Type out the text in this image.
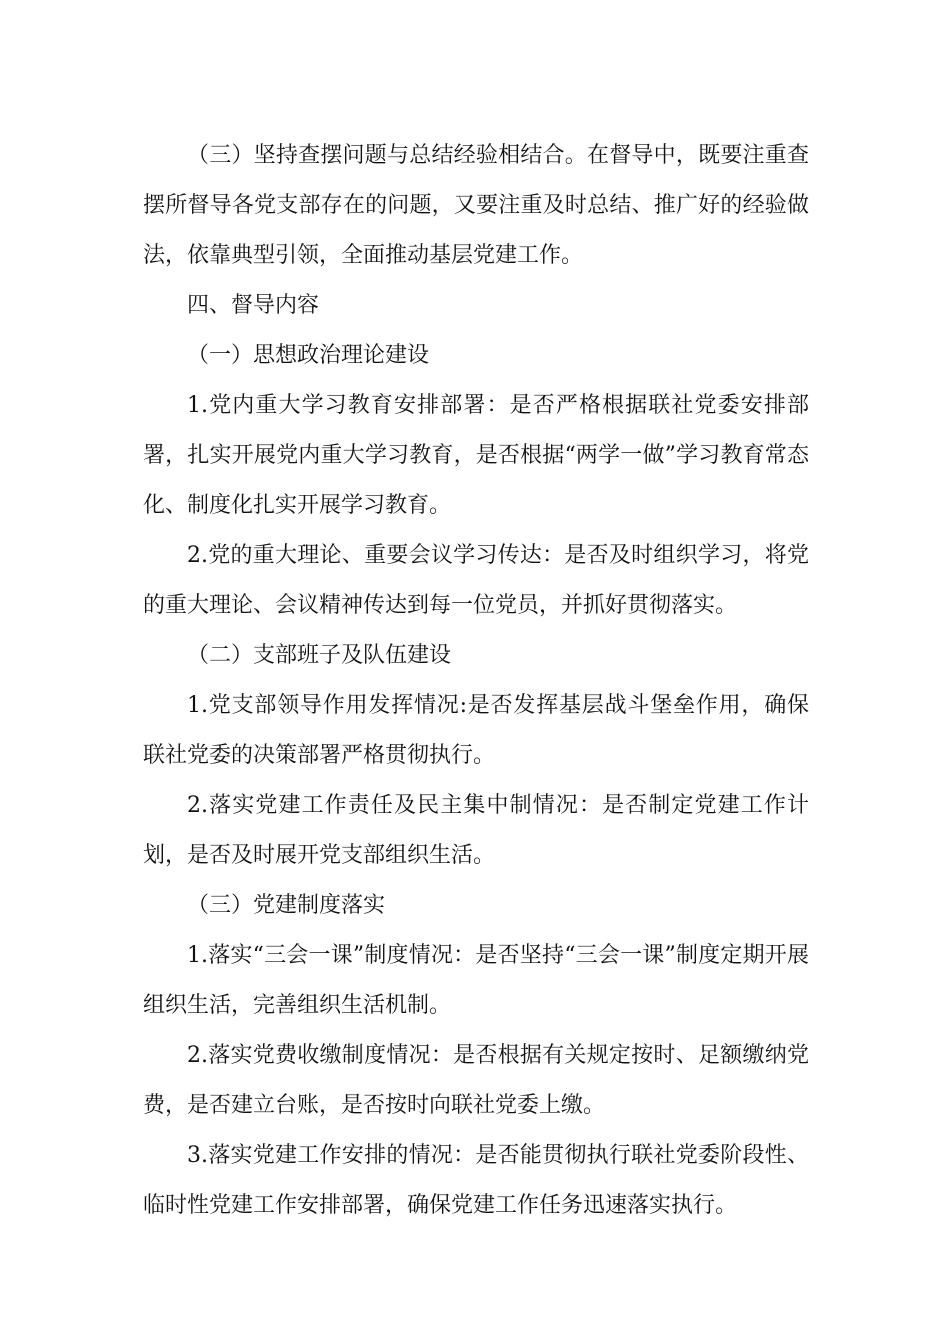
（三）坚持查摆问题与总结经验相结合。在督导中，既要注重查摆所督导各党支部存在的问题，又要注重及时总结、推广好的经验做法，依靠典型引领，全面推动基层党建工作。

四、督导内容

（一）思想政治理论建设

1.党内重大学习教育安排部署：是否严格根据联社党委安排部署，扎实开展党内重大学习教育，是否根据“两学一做”学习教育常态化、制度化扎实开展学习教育。

2.党的重大理论、重要会议学习传达：是否及时组织学习，将党的重大理论、会议精神传达到每一位党员，并抓好贯彻落实。

（二）支部班子及队伍建设

1.党支部领导作用发挥情况:是否发挥基层战斗堡垒作用，确保联社党委的决策部署严格贯彻执行。

2.落实党建工作责任及民主集中制情况：是否制定党建工作计划，是否及时展开党支部组织生活。

（三）党建制度落实

1.落实“三会一课”制度情况：是否坚持“三会一课”制度定期开展组织生活，完善组织生活机制。

2.落实党费收缴制度情况：是否根据有关规定按时、足额缴纳党费，是否建立台账，是否按时向联社党委上缴。

3.落实党建工作安排的情况：是否能贯彻执行联社党委阶段性、临时性党建工作安排部署，确保党建工作任务迅速落实执行。
